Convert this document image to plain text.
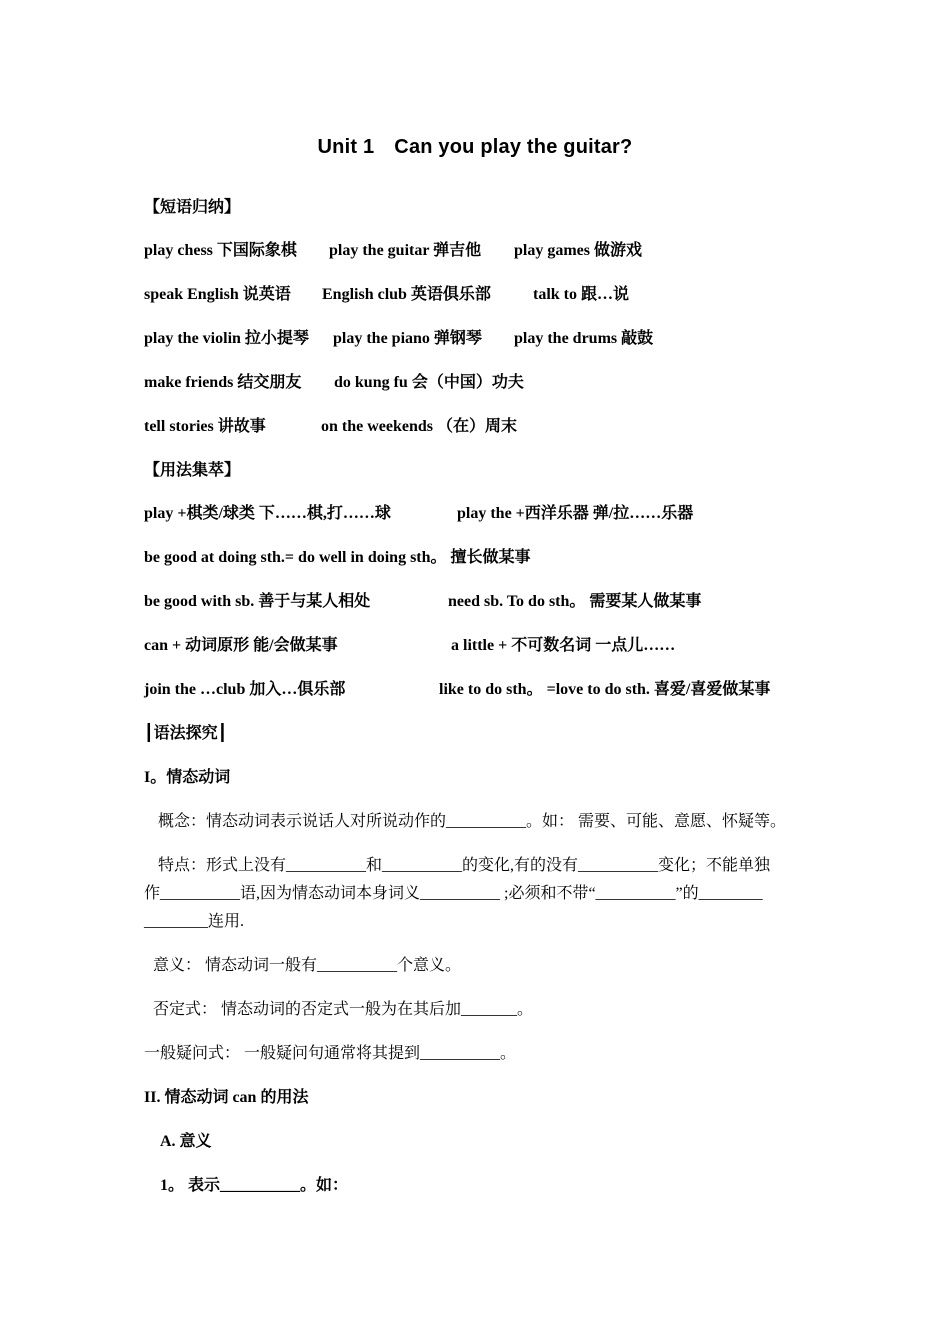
Unit 1 Can you play the guitar?
【短语归纳】
play chess 下国际象棋 play the guitar 弹吉他 play games 做游戏
speak English 说英语 English club 英语俱乐部	talk to 跟…说
play the violin 拉小提琴 play the piano 弹钢琴 play the drums 敲鼓
make friends 结交朋友 do kung fu 会（中国）功夫
tell stories 讲故事	on the weekends （在）周末
【用法集萃】
play +棋类/球类 下……棋,打……球	play the +西洋乐器 弹/拉……乐器
be good at doing sth.= do well in doing sth。 擅长做某事
be good with sb. 善于与某人相处	need sb. To do sth。 需要某人做某事
can + 动词原形 能/会做某事	a little + 不可数名词 一点儿……
join the …club 加入…俱乐部	like to do sth。 =love to do sth. 喜爱/喜爱做某事
┃语法探究┃
I。情态动词
概念：情态动词表示说话人对所说动作的__________。如： 需要、可能、意愿、怀疑等。
特点：形式上没有__________和__________的变化,有的没有__________变化；不能单独
作__________语,因为情态动词本身词义__________ ;必须和不带“__________”的________
________连用.
意义： 情态动词一般有__________个意义。
否定式： 情态动词的否定式一般为在其后加_______。
一般疑问式： 一般疑问句通常将其提到__________。
II. 情态动词 can 的用法
A. 意义
1。 表示__________。如：
